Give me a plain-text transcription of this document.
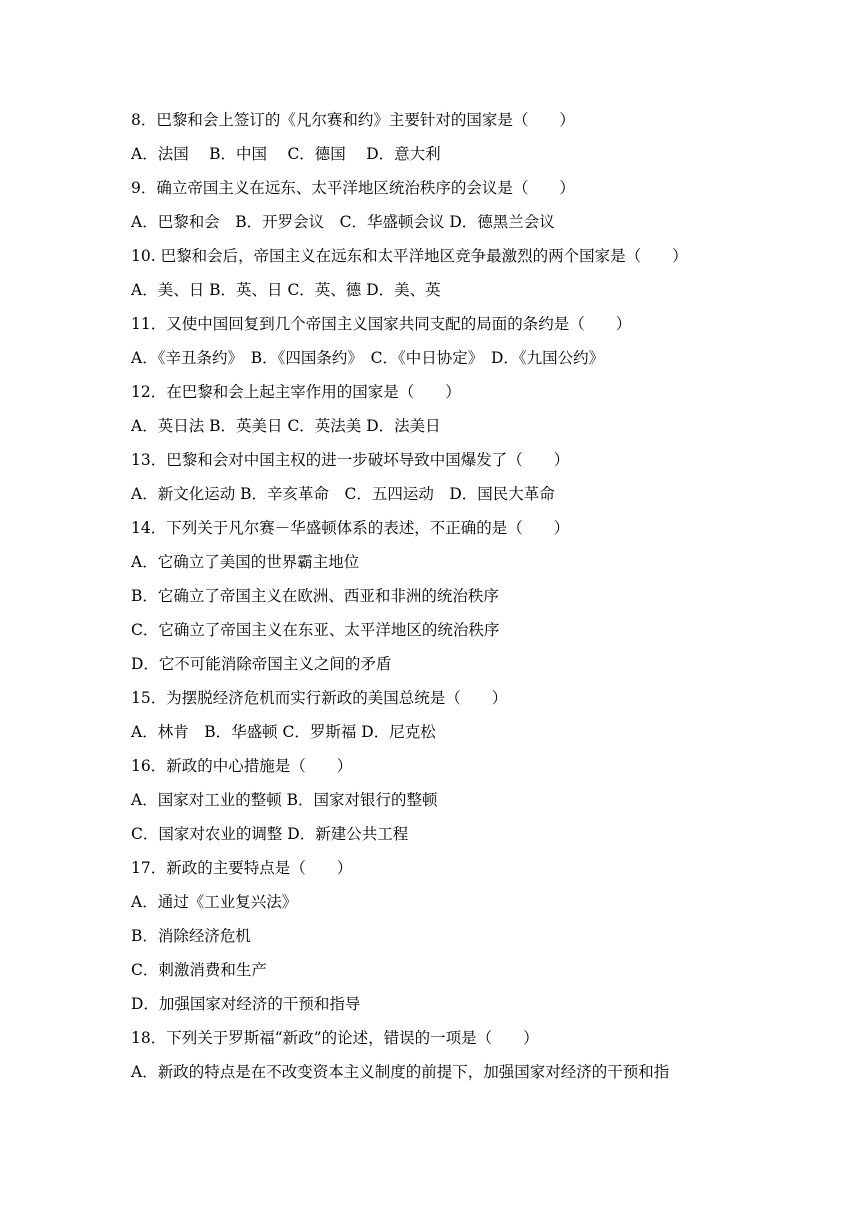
8．巴黎和会上签订的《凡尔赛和约》主要针对的国家是（　　）
A．法国　 B．中国　 C．德国　 D．意大利
9．确立帝国主义在远东、太平洋地区统治秩序的会议是（　　）
A．巴黎和会　B．开罗会议　C．华盛顿会议 D．德黑兰会议
10. 巴黎和会后，帝国主义在远东和太平洋地区竞争最激烈的两个国家是（　　）
A．美、日 B．英、日 C．英、德 D．美、英
11．又使中国回复到几个帝国主义国家共同支配的局面的条约是（　　）
A．《辛丑条约》　B．《四国条约》　C．《中日协定》　D．《九国公约》
12．在巴黎和会上起主宰作用的国家是（　　）
A．英日法 B．英美日 C．英法美 D．法美日
13．巴黎和会对中国主权的进一步破坏导致中国爆发了（　　）
A．新文化运动 B．辛亥革命　C．五四运动　D．国民大革命
14．下列关于凡尔赛－华盛顿体系的表述，不正确的是（　　）
A．它确立了美国的世界霸主地位
B．它确立了帝国主义在欧洲、西亚和非洲的统治秩序
C．它确立了帝国主义在东亚、太平洋地区的统治秩序
D．它不可能消除帝国主义之间的矛盾
15．为摆脱经济危机而实行新政的美国总统是（　　）
A．林肯　B．华盛顿 C．罗斯福 D．尼克松
16．新政的中心措施是（　　）
A．国家对工业的整顿 B．国家对银行的整顿
C．国家对农业的调整 D．新建公共工程
17．新政的主要特点是（　　）
A．通过《工业复兴法》
B．消除经济危机
C．刺激消费和生产
D．加强国家对经济的干预和指导
18．下列关于罗斯福“新政”的论述，错误的一项是（　　）
A．新政的特点是在不改变资本主义制度的前提下，加强国家对经济的干预和指
